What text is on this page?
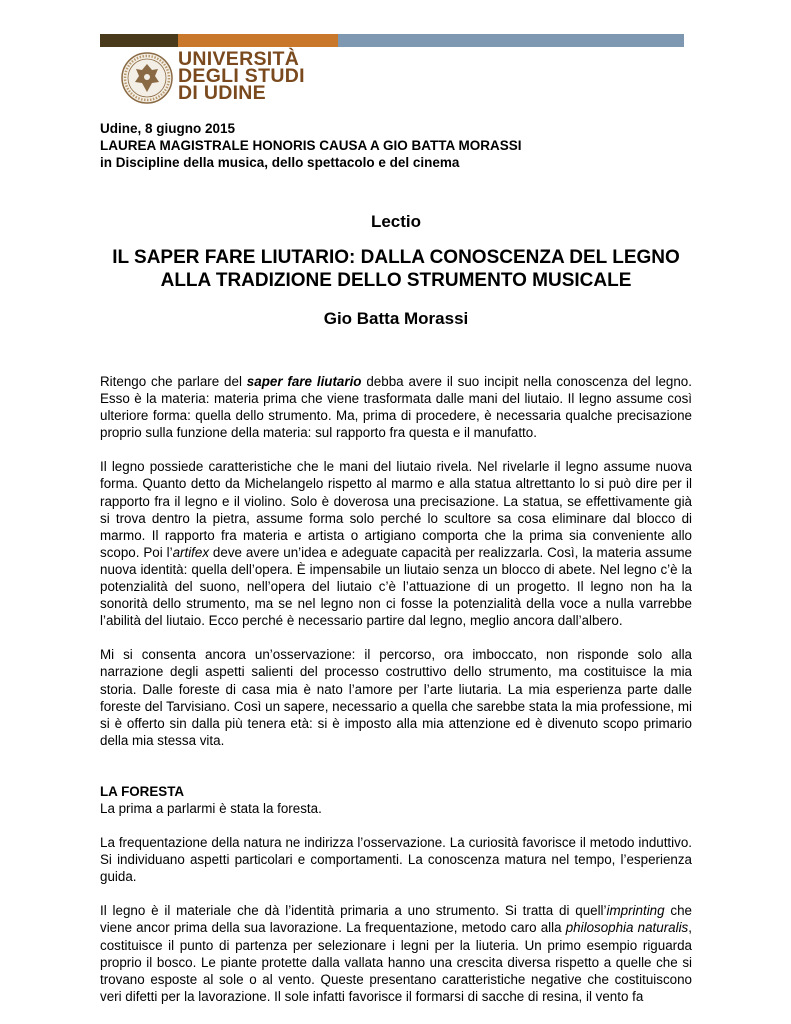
UNIVERSITÀ
DEGLI STUDI
DI UDINE
Udine, 8 giugno 2015
LAUREA MAGISTRALE HONORIS CAUSA A GIO BATTA MORASSI
in Discipline della musica, dello spettacolo e del cinema
Lectio
IL SAPER FARE LIUTARIO: DALLA CONOSCENZA DEL LEGNO
ALLA TRADIZIONE DELLO STRUMENTO MUSICALE
Gio Batta Morassi

Ritengo che parlare del saper fare liutario debba avere il suo incipit nella conoscenza del legno. Esso è la materia: materia prima che viene trasformata dalle mani del liutaio. Il legno assume così ulteriore forma: quella dello strumento. Ma, prima di procedere, è necessaria qualche precisazione proprio sulla funzione della materia: sul rapporto fra questa e il manufatto.

Il legno possiede caratteristiche che le mani del liutaio rivela. Nel rivelarle il legno assume nuova forma. Quanto detto da Michelangelo rispetto al marmo e alla statua altrettanto lo si può dire per il rapporto fra il legno e il violino. Solo è doverosa una precisazione. La statua, se effettivamente già si trova dentro la pietra, assume forma solo perché lo scultore sa cosa eliminare dal blocco di marmo. Il rapporto fra materia e artista o artigiano comporta che la prima sia conveniente allo scopo. Poi l’artifex deve avere un’idea e adeguate capacità per realizzarla. Così, la materia assume nuova identità: quella dell’opera. È impensabile un liutaio senza un blocco di abete. Nel legno c’è la potenzialità del suono, nell’opera del liutaio c’è l’attuazione di un progetto. Il legno non ha la sonorità dello strumento, ma se nel legno non ci fosse la potenzialità della voce a nulla varrebbe l’abilità del liutaio. Ecco perché è necessario partire dal legno, meglio ancora dall’albero.

Mi si consenta ancora un’osservazione: il percorso, ora imboccato, non risponde solo alla narrazione degli aspetti salienti del processo costruttivo dello strumento, ma costituisce la mia storia. Dalle foreste di casa mia è nato l’amore per l’arte liutaria. La mia esperienza parte dalle foreste del Tarvisiano. Così un sapere, necessario a quella che sarebbe stata la mia professione, mi si è offerto sin dalla più tenera età: si è imposto alla mia attenzione ed è divenuto scopo primario della mia stessa vita.

LA FORESTA

La prima a parlarmi è stata la foresta.

La frequentazione della natura ne indirizza l’osservazione. La curiosità favorisce il metodo induttivo. Si individuano aspetti particolari e comportamenti. La conoscenza matura nel tempo, l’esperienza guida.

Il legno è il materiale che dà l’identità primaria a uno strumento. Si tratta di quell’imprinting che viene ancor prima della sua lavorazione. La frequentazione, metodo caro alla philosophia naturalis, costituisce il punto di partenza per selezionare i legni per la liuteria. Un primo esempio riguarda proprio il bosco. Le piante protette dalla vallata hanno una crescita diversa rispetto a quelle che si trovano esposte al sole o al vento. Queste presentano caratteristiche negative che costituiscono veri difetti per la lavorazione. Il sole infatti favorisce il formarsi di sacche di resina, il vento fa
